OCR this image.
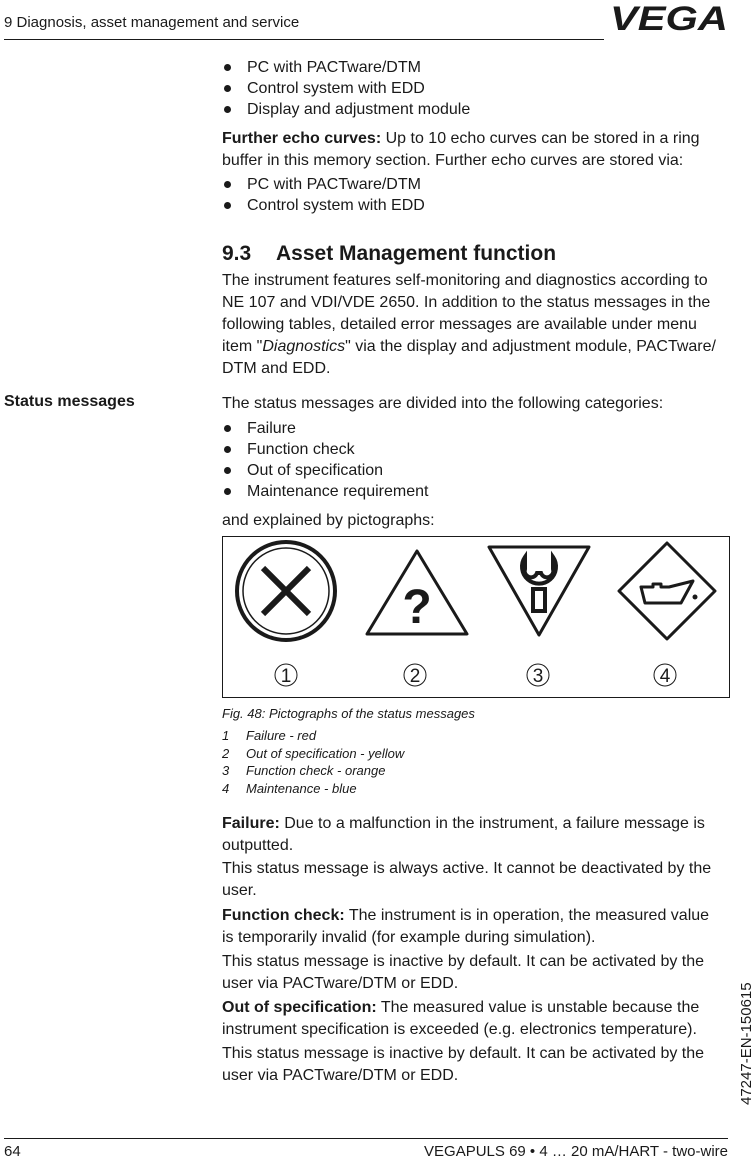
9 Diagnosis, asset management and service	VEGA
PC with PACTware/DTM
Control system with EDD
Display and adjustment module
Further echo curves: Up to 10 echo curves can be stored in a ring
buffer in this memory section. Further echo curves are stored via:
PC with PACTware/DTM
Control system with EDD
9.3 Asset Management function
The instrument features self-monitoring and diagnostics according to
NE 107 and VDI/VDE 2650. In addition to the status messages in the
following tables, detailed error messages are available under menu
item "Diagnostics" via the display and adjustment module, PACTware/
DTM and EDD.
Status messages	The status messages are divided into the following categories:
Failure
Function check
Out of specification
Maintenance requirement
and explained by pictographs:
?
1	2	3	4
Fig. 48: Pictographs of the status messages
1 Failure - red
2 Out of specification - yellow
3 Function check - orange
4 Maintenance - blue
Failure: Due to a malfunction in the instrument, a failure message is
outputted.
This status message is always active. It cannot be deactivated by the
user.
Function check: The instrument is in operation, the measured value
is temporarily invalid (for example during simulation).
This status message is inactive by default. It can be activated by the
user via PACTware/DTM or EDD.
Out of specification: The measured value is unstable because the
instrument specification is exceeded (e.g. electronics temperature).
This status message is inactive by default. It can be activated by the
user via PACTware/DTM or EDD.	47247-EN-150615
64	VEGAPULS 69 • 4 … 20 mA/HART - two-wire
